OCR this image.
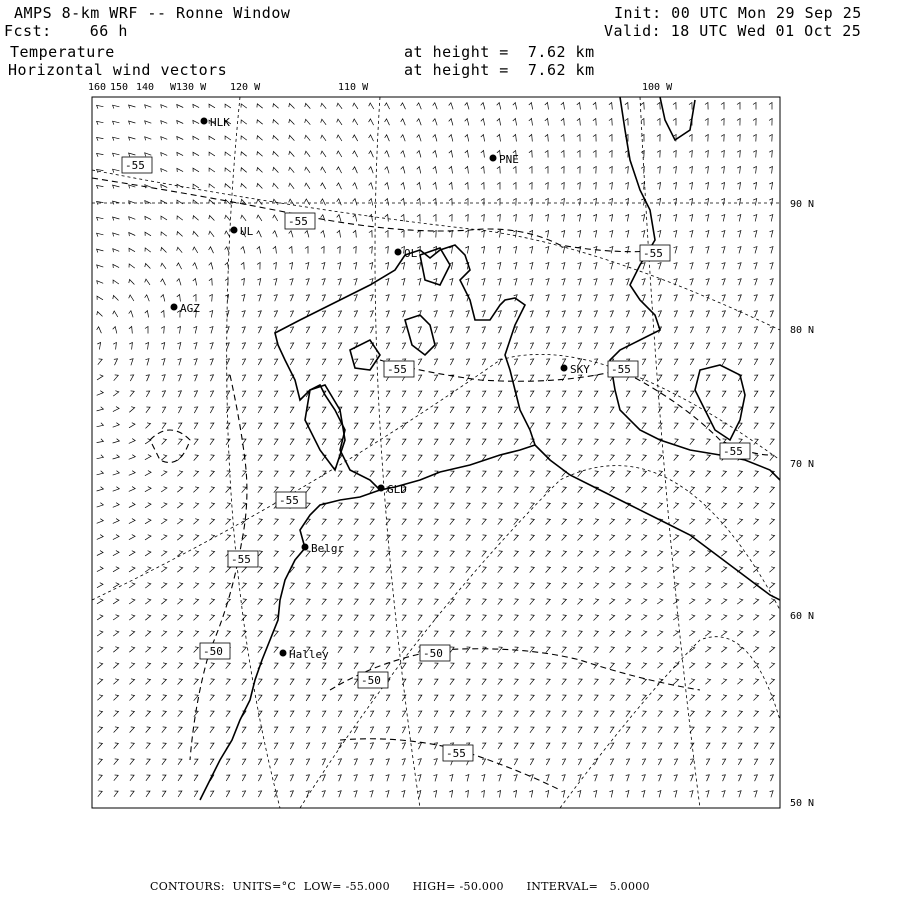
AMPS 8-km WRF -- Ronne Window
Fcst:    66 h
Init: 00 UTC Mon 29 Sep 25
Valid: 18 UTC Wed 01 Oct 25
Temperature
Horizontal wind vectors
at height =  7.62 km
at height =  7.62 km
-55
-55
-55
-55	-55
-55
-55
-55
-50	-50
-50
-55
HLK
PNE
UL
OL
AGZ
SKY
GLD
Belgr
Halley
160 150 140 W130 W 120 W	110 W	100 W
90 N
80 N
70 N
60 N
50 N
CONTOURS:  UNITS=°C  LOW= -55.000      HIGH= -50.000      INTERVAL=   5.0000
